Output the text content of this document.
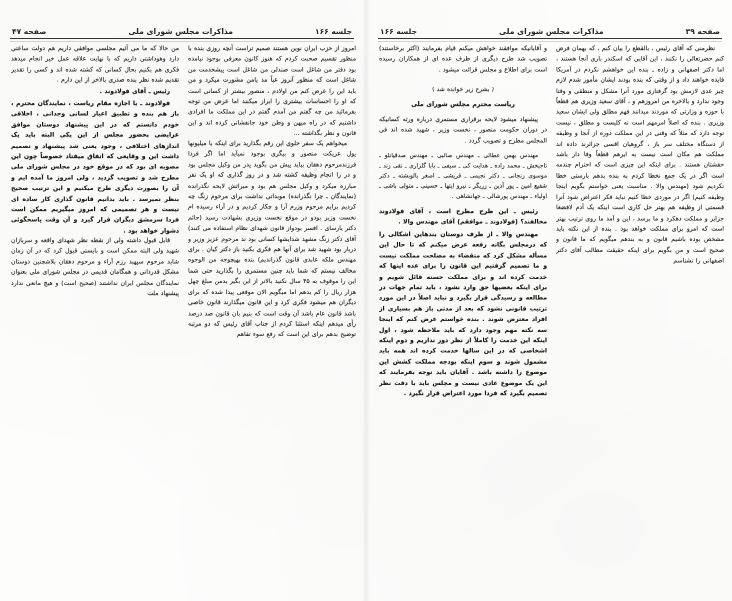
صفحه ۳۹
مذاکرات مجلس شورای ملی
جلسه ۱۶۶

نظرمنی که آقای رئیس ، بالقطع را بیان کنم ، که بهمان فرض کنم حضرتعالی را نکنند ، این آقایی که اسکندر باری آنجا هستند ، اما دکتر اصفهانی و زاده ـ بنده این خواهشم نکردم در آمریکا فایده خواهند داد و از وقتی که بنده بودند ایشان مأمور شدم لازم چیز عدی لازمش بود گرفتاری مورد آنرا مشکل و منطقی و وقتا وجود ندارد و بالاخره من امروزهم و ، آقای سعید وزیری هم قطعاً با حوزه و وزارتی که موردند میدانند فهم مطلق ولی ایشان سعید وزیری . بنده که اصلاً امرمهم است نه کلیست و مطلق ، نیست توجه دارد که مثلاً که وقتی در این مملکت دوره از آنجا و وظیفه از دستگاه مختلف سر باز ، گروهیان اقسی جزائرند داده اند مملکت هم مکان است نیست به ایرهم قطعاً وفا دار باشد حقشتان هستند . برای اینکه این چیزی است که احترام چندمه است اگر در یک جمع نخطا کردم به بنده بدهم بارستی خطا نکردیم شود (مهندس والا . مناسبت یعنی خواستم بگویم اینجا وظیفه کنیم) اگر در موردی خطا کنیم نباید فکر اعتراض شود آنرا قسمتی از وظیفه هم بهتر حل کاری است اینکه یک آدم لافضعا جزایر و مملکت دهکرد و ما برسد ، این و آمد ما روی ترتیب بهتر است که امرو برای مملکت خواهد بود . بنده از این نکته باید مشخص بوده باشیم قانون و به بندهم میگویم که ما قانون و صحیح است و من بگویم برای اینکه حقیقت مطالب آقای دکتر اصفهانی را نشناسم

و آقایانیکه موافقند خواهش میکنم قیام بفرمایند (اکثر برخاستند) تصویب شد طرح دیگری از طرف عده ای از همکاران رسیده است برای اطلاع و مجلس قرائت میشود .

( بشرح زیر خوانده شد )

ریاست محترم مجلس شورای ملی

پیشنهاد میشود لایحه برقراری مستمری درباره ورثه کسانیکه در دوران حکومت منصور ، نخست وزیر ، شهید شده اند فی المجلس مطرح و تصویب گردد .

مهندس بهمن عطائی ـ مهندس صائبی ـ مهندس صدقیانلو ـ تاجبخش ـ محمد زاده ـ هدایت کی ـ سیفی ـ بابا گلزاری ـ نقی زند ـ موسوی زنجانی ـ دکتر نجیمی ـ قریشی ـ اصغر بالوبشته ـ دکتر شفیع امین ـ پور آذین ـ زریگر ـ نیرو ایتها ـ حسینی ـ متولی باشی ـ اولیاء ـ مهندس پورشالی ـ جهانشاهی .

رئیس ـ این طرح مطرح است ، آقای فولادوند مخالفند؟ (فولادوند ـ موافقم) آقای مهندس والا .

مهندس والا ـ از طرف دوستان بندهاین اشکالی را که درمجلس بگانه رفعه عرض میکنم که تا حال این مسأله مشکل کرد که متقضاء به مصلحت مملکت نیست و ما تصمیم گرفتیم این قانون را برای عده اینها که خدمت کرده اند و برای مملکت حسنه قائل شویم و برای اینکه بعضیها حق وارد نشود ، باید تمام جهات در مطالعه و رسیدگی قرار بگیرد و نباید اصلاً در این مورد ترتیب قانونی نشود که بعد از مدتی باز هم بسیاری از افراد معترض شوند . بنده خواستم عرض کنم که اینجا سه نکته مهم وجود دارد که باید ملاحظه شود ، اول اینکه این خدمت را کاملاً از نظر دور نداریم و دوم اینکه اشخاصی که در این سالها خدمت کرده اند همه باید مشمول شوند و سوم اینکه بودجه مملکت کشش این موضوع را داشته باشد . آقایان باید توجه بفرمایند که این یک موضوع عادی نیست و مجلس باید با دقت نظر تصمیم بگیرد که فردا مورد اعتراض قرار نگیرد .

جلسه ۱۶۶
مذاکرات مجلس شورای ملی
صفحه ۴۷

امروز از حزب ایران نوین هستند صمیم تراست آنچه روزی بنده با منظور تقسیم صحبت کردم که هنوز کانون معرفی بوجود نیامده بود دفتر من شاغل است صندلی من شاغل است پیشخدمت من شاغل است که منظور آنروز عباً مد یامن مشورت میکرد و من باید این را عرض کنم من اولادم ، منصور بیشتر از کسانی است که او را احساسات بیشتری را ابراز میکنند اما عرض من توجه بفرمائید من چه گفتم من آمدم گفتم در این مملکت ما افرادی داشتیم که در راه میهن و وطن خود جانفشانی کرده اند و این قانون و نظر بگذاشته ...

میخواهم یک سفر حلوی این رقم بگذارید برای اینکه با میلیونها پول عریکت منصور و بیگری بوجود نمیآید اما اگر فردا فرزندمرحوم دهقان بیاید پیش من بگوید پدر من وکیل مجلس بود و در را انجام وظیفه کشته شد و در روز گذاری که او یک نفر مبارزه میکرد و وکیل مجلس هم بود و میراثش لایحه نگذرانده (نمایندگان ـ چرا نگذرانده) موبداتی نداشت برای مرحوم زنگ چه کردیم برایم مرحوم وزرم آرا و چکار کردیم و در آراء رسیده ام نخست وزیر بودو در موقع نخست وزیری بشهادت رسید (حائم دکتر یارسای . افسر بودواز قانون شهدای نظام استفاده می کنند) آقای دکتر زنگ مشهد شدایشها کسانی بود ند مرحوم عزیز وزیر و دربار بود شهید شد برای آنها هم فکری بکنید باز دکتر کیان . برای مهندس ملکه عابدی قانون گذراندیم) بنده بهیچوجه من الوجوه مخالف نیستم که شما باید چنین مستمری را بگذارید حتی شما این را موقوف به ۴۵ سال نکنید بالاتر از این بگیر یدمن مبلغ چهل هزار ریال را کم بدهم اما میگویم الان موقعی پیدا شده که برای دیگران هم میشود فکری کرد و این قانون میگذارند قانون خاصی باشد قانون عام باشد آن وقت است که بنیم بان قانون صد درصد رأی میدهم اینکه استثنا کردم از جناب آقای رئیس که دو مرتبه توضیح بدهم برای این است که رفع سوء تفاهم

من حالا که ما می آئیم مجلسی موافقی داریم هم دولت ساعتی دارد وهوداشتی داریم که با نهایت علاقه عمل خیر انجام میدهد فکری هم بکنیم بحال کسانی که کشته شده اند و کسی را تقدیر تقدیم شده نظر بنده صدری بالاخر از این دارم .

رئیس ـ آقای فولادوند .

فولادوند ـ با اجازه مقام ریاست ، نمایندگان محترم ، باز هم بنده و تطبیق اعیار لسانی وجدانی ، اخلاقی خودم دانستم که در این پیشنهاد دوستان موافق عرایضی بحضور مجلس از این یکی البته باید یک اندازهای اختلافی ، وجود یعنی شد پیشنهاد و تصمیم داشت این و وقایعی که اتفاق میفتاد خصوصاً چون این مصوبه ای بود که در موقع خود در مجلس شورای ملی مطرح شد و تصویب گردید ، ولی امروز ما آمده ایم و آن را بصورت دیگری طرح میکنیم و این ترتیب صحیح بنظر نمیرسد . باید بدانیم قانون گذاری کار ساده ای نیست و هر تصمیمی که امروز میگیریم ممکن است فردا سرمشق دیگران قرار گیرد و آن وقت پاسخگوئی دشوار خواهد بود .

قابل قبول داشته ولی از نقطه نظر شهدای واقعه و سربازان شهید ولی البته ممکن است و بایستی قبول کرد که در آن زمان شاید مرحوم سپهبد رزم آراء و مرحوم دهقان بلاشچنین دوستان مشکل قدردانی و همگامان قدیمی در مجلس شورای ملی بعنوان نمایندگان مجلس ایران نداشتند (صحیح است) و هیچ مانعی ندارد پیشنهاد ملت
